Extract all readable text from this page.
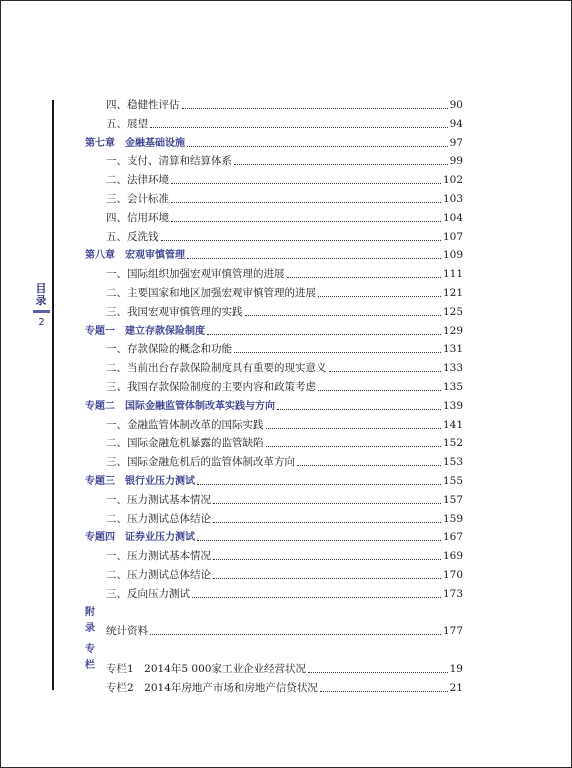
目录
2
四、稳健性评估	90
五、展望	94
第七章　金融基础设施	97
一、支付、清算和结算体系	99
二、法律环境	102
三、会计标准	103
四、信用环境	104
五、反洗钱	107
第八章　宏观审慎管理	109
一、国际组织加强宏观审慎管理的进展	111
二、主要国家和地区加强宏观审慎管理的进展	121
三、我国宏观审慎管理的实践	125
专题一　建立存款保险制度	129
一、存款保险的概念和功能	131
二、当前出台存款保险制度具有重要的现实意义	133
三、我国存款保险制度的主要内容和政策考虑	135
专题二　国际金融监管体制改革实践与方向	139
一、金融监管体制改革的国际实践	141
二、国际金融危机暴露的监管缺陷	152
三、国际金融危机后的监管体制改革方向	153
专题三　银行业压力测试	155
一、压力测试基本情况	157
二、压力测试总体结论	159
专题四　证券业压力测试	167
一、压力测试基本情况	169
二、压力测试总体结论	170
三、反向压力测试	173
附录 统计资料	177
专栏 专栏1　2014年5 000家工业企业经营状况	19
专栏2　2014年房地产市场和房地产信贷状况	21
